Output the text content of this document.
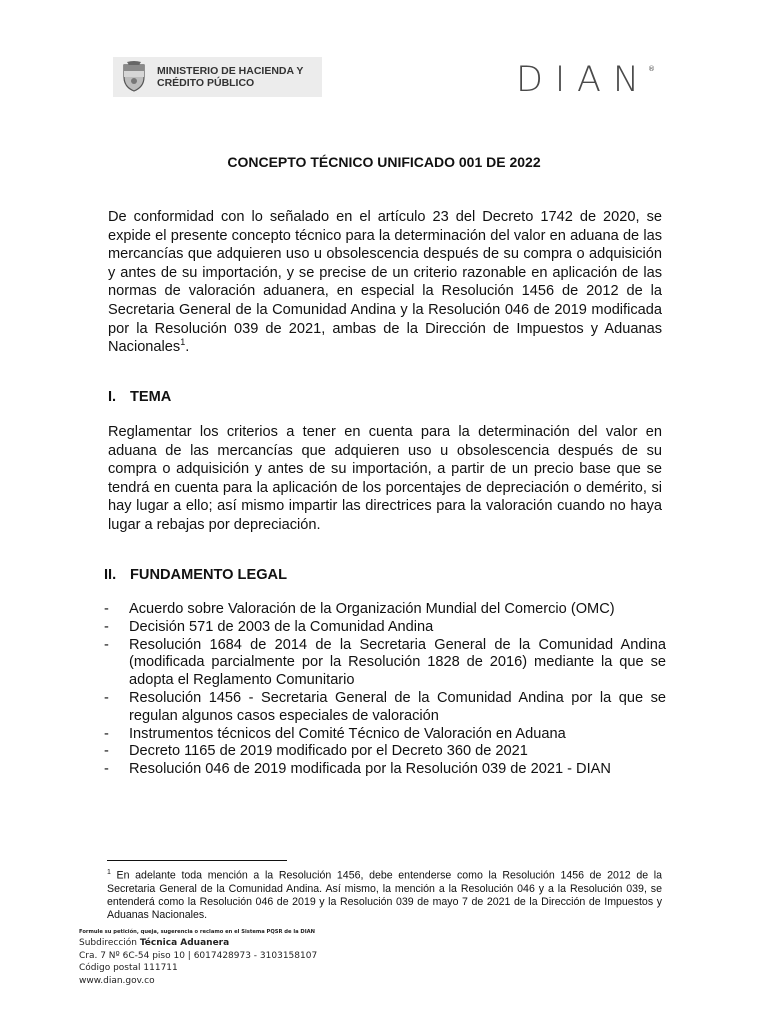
MINISTERIO DE HACIENDA Y
CRÉDITO PÚBLICO	DIAN ®
CONCEPTO TÉCNICO UNIFICADO 001 DE 2022
De conformidad con lo señalado en el artículo 23 del Decreto 1742 de 2020, se expide el presente concepto técnico para la determinación del valor en aduana de las mercancías que adquieren uso u obsolescencia después de su compra o adquisición y antes de su importación, y se precise de un criterio razonable en aplicación de las normas de valoración aduanera, en especial la Resolución 1456 de 2012 de la Secretaria General de la Comunidad Andina y la Resolución 046 de 2019 modificada por la Resolución 039 de 2021, ambas de la Dirección de Impuestos y Aduanas Nacionales$^1$.
I. TEMA
Reglamentar los criterios a tener en cuenta para la determinación del valor en aduana de las mercancías que adquieren uso u obsolescencia después de su compra o adquisición y antes de su importación, a partir de un precio base que se tendrá en cuenta para la aplicación de los porcentajes de depreciación o demérito, si hay lugar a ello; así mismo impartir las directrices para la valoración cuando no haya lugar a rebajas por depreciación.
II. FUNDAMENTO LEGAL
- Acuerdo sobre Valoración de la Organización Mundial del Comercio (OMC)
- Decisión 571 de 2003 de la Comunidad Andina
- Resolución 1684 de 2014 de la Secretaria General de la Comunidad Andina (modificada parcialmente por la Resolución 1828 de 2016) mediante la que se adopta el Reglamento Comunitario
- Resolución 1456 - Secretaria General de la Comunidad Andina por la que se regulan algunos casos especiales de valoración
- Instrumentos técnicos del Comité Técnico de Valoración en Aduana
- Decreto 1165 de 2019 modificado por el Decreto 360 de 2021
- Resolución 046 de 2019 modificada por la Resolución 039 de 2021 - DIAN
$^1$ En adelante toda mención a la Resolución 1456, debe entenderse como la Resolución 1456 de 2012 de la Secretaria General de la Comunidad Andina. Así mismo, la mención a la Resolución 046 y a la Resolución 039, se entenderá como la Resolución 046 de 2019 y la Resolución 039 de mayo 7 de 2021 de la Dirección de Impuestos y Aduanas Nacionales.
Formule su petición, queja, sugerencia o reclamo en el Sistema PQSR de la DIAN
Subdirección Técnica Aduanera
Cra. 7 Nº 6C-54 piso 10 | 6017428973 - 3103158107
Código postal 111711
www.dian.gov.co
